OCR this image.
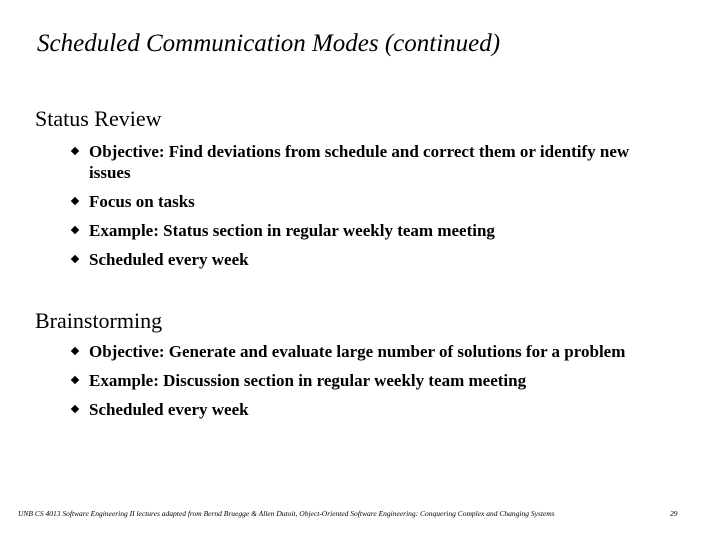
Scheduled Communication Modes (continued)
Status Review
Objective: Find deviations from schedule and correct them or identify new issues
Focus on tasks
Example: Status section in regular weekly team meeting
Scheduled every week
Brainstorming
Objective: Generate and evaluate large number of solutions for a problem
Example: Discussion section in regular weekly team meeting
Scheduled every week
UNB CS 4013 Software Engineering II lectures adapted from Bernd Bruegge & Allen Dutoit, Object-Oriented Software Engineering: Conquering Complex and Changing Systems	29
